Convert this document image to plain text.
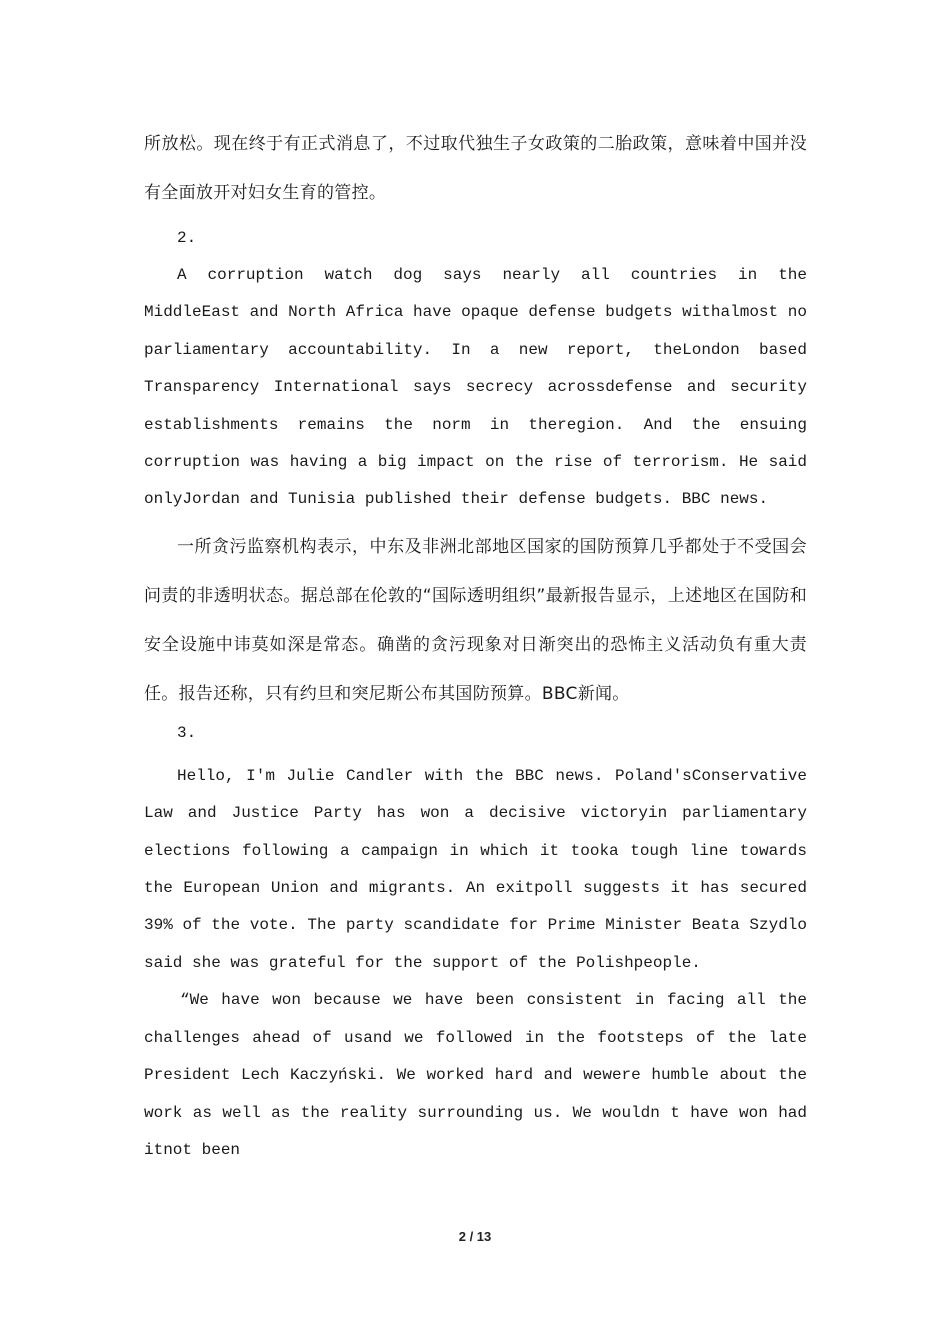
所放松。现在终于有正式消息了，不过取代独生子女政策的二胎政策，意味着中国并没有全面放开对妇女生育的管控。

2.

A corruption watch dog says nearly all countries in the MiddleEast and North Africa have opaque defense budgets withalmost no parliamentary accountability. In a new report, theLondon based Transparency International says secrecy acrossdefense and security establishments remains the norm in theregion. And the ensuing corruption was having a big impact on the rise of terrorism. He said onlyJordan and Tunisia published their defense budgets. BBC news.

一所贪污监察机构表示，中东及非洲北部地区国家的国防预算几乎都处于不受国会问责的非透明状态。据总部在伦敦的“国际透明组织”最新报告显示，上述地区在国防和安全设施中讳莫如深是常态。确凿的贪污现象对日渐突出的恐怖主义活动负有重大责任。报告还称，只有约旦和突尼斯公布其国防预算。BBC新闻。

3.

Hello, I'm Julie Candler with the BBC news. Poland'sConservative Law and Justice Party has won a decisive victoryin parliamentary elections following a campaign in which it tooka tough line towards the European Union and migrants. An exitpoll suggests it has secured 39% of the vote. The party scandidate for Prime Minister Beata Szydlo said she was grateful for the support of the Polishpeople.

“We have won because we have been consistent in facing all the challenges ahead of usand we followed in the footsteps of the late President Lech Kaczyński. We worked hard and wewere humble about the work as well as the reality surrounding us. We wouldn t have won had itnot been

2 / 13
